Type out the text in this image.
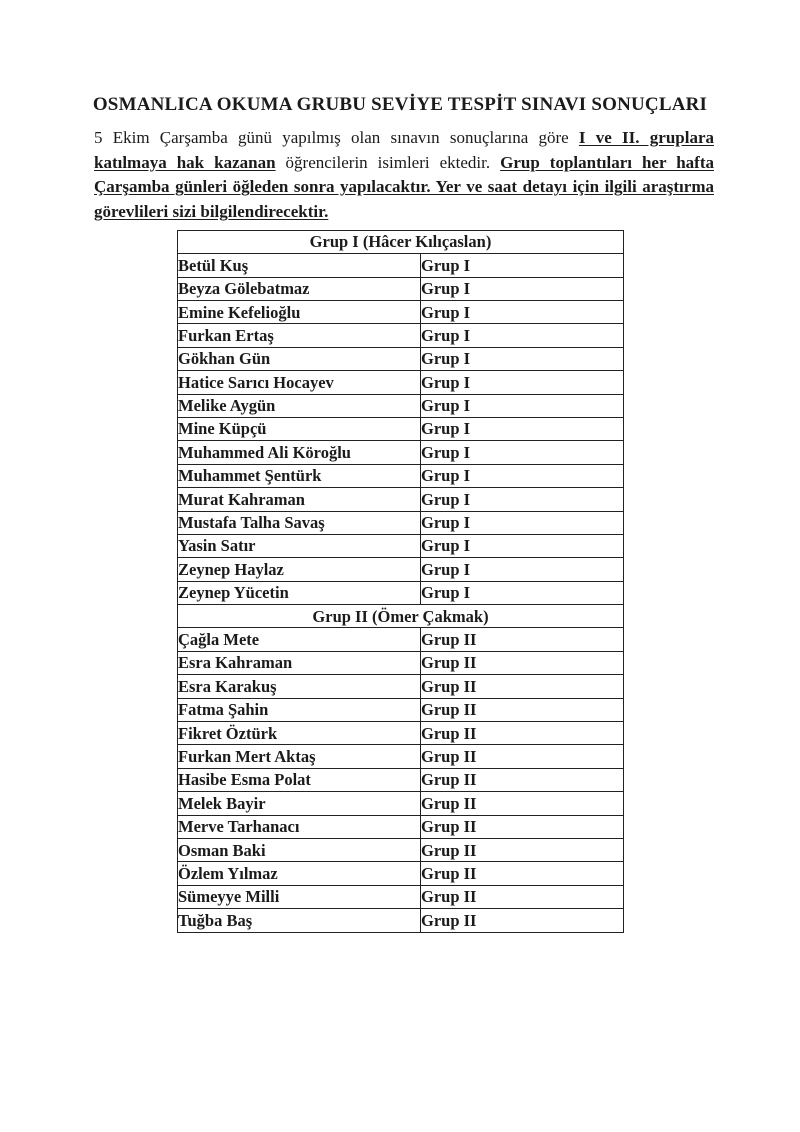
OSMANLICA OKUMA GRUBU SEVİYE TESPİT SINAVI SONUÇLARI

5 Ekim Çarşamba günü yapılmış olan sınavın sonuçlarına göre I ve II. gruplara katılmaya hak kazanan öğrencilerin isimleri ektedir. Grup toplantıları her hafta Çarşamba günleri öğleden sonra yapılacaktır. Yer ve saat detayı için ilgili araştırma görevlileri sizi bilgilendirecektir.

Grup I (Hâcer Kılıçaslan)	
Betül Kuş	Grup I
Beyza Gölebatmaz	Grup I
Emine Kefelioğlu	Grup I
Furkan Ertaş	Grup I
Gökhan Gün	Grup I
Hatice Sarıcı Hocayev	Grup I
Melike Aygün	Grup I
Mine Küpçü	Grup I
Muhammed Ali Köroğlu	Grup I
Muhammet Şentürk	Grup I
Murat Kahraman	Grup I
Mustafa Talha Savaş	Grup I
Yasin Satır	Grup I
Zeynep Haylaz	Grup I
Zeynep Yücetin	Grup I
Grup II (Ömer Çakmak)	
Çağla Mete	Grup II
Esra Kahraman	Grup II
Esra Karakuş	Grup II
Fatma Şahin	Grup II
Fikret Öztürk	Grup II
Furkan Mert Aktaş	Grup II
Hasibe Esma Polat	Grup II
Melek Bayir	Grup II
Merve Tarhanacı	Grup II
Osman Baki	Grup II
Özlem Yılmaz	Grup II
Sümeyye Milli	Grup II
Tuğba Baş	Grup II
